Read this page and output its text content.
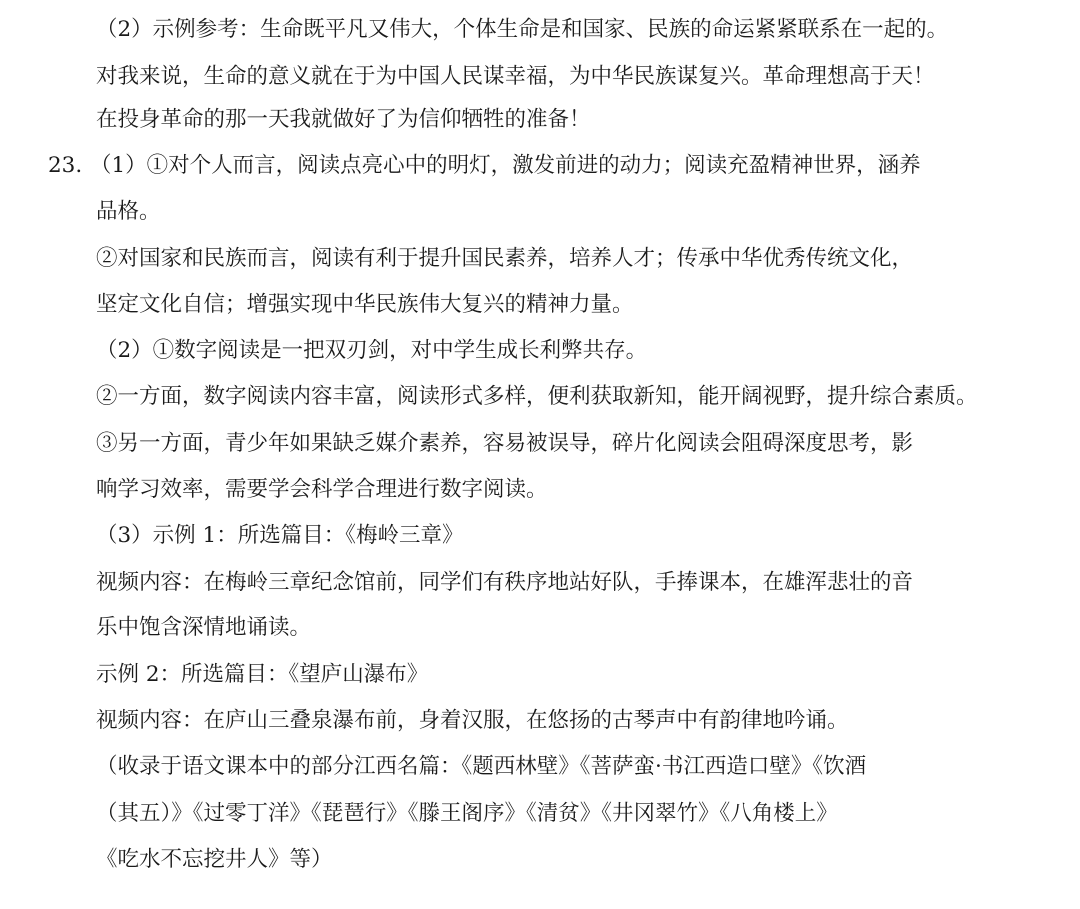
（2）示例参考：生命既平凡又伟大，个体生命是和国家、民族的命运紧紧联系在一起的。
对我来说，生命的意义就在于为中国人民谋幸福，为中华民族谋复兴。革命理想高于天！
在投身革命的那一天我就做好了为信仰牺牲的准备！
23. （1）①对个人而言，阅读点亮心中的明灯，激发前进的动力；阅读充盈精神世界，涵养
品格。
②对国家和民族而言，阅读有利于提升国民素养，培养人才；传承中华优秀传统文化，
坚定文化自信；增强实现中华民族伟大复兴的精神力量。
（2）①数字阅读是一把双刃剑，对中学生成长利弊共存。
②一方面，数字阅读内容丰富，阅读形式多样，便利获取新知，能开阔视野，提升综合素质。
③另一方面，青少年如果缺乏媒介素养，容易被误导，碎片化阅读会阻碍深度思考，影
响学习效率，需要学会科学合理进行数字阅读。
（3）示例 1：所选篇目：《梅岭三章》
视频内容：在梅岭三章纪念馆前，同学们有秩序地站好队，手捧课本，在雄浑悲壮的音
乐中饱含深情地诵读。
示例 2：所选篇目：《望庐山瀑布》
视频内容：在庐山三叠泉瀑布前，身着汉服，在悠扬的古琴声中有韵律地吟诵。
（收录于语文课本中的部分江西名篇：《题西林壁》《菩萨蛮·书江西造口壁》《饮酒
（其五）》《过零丁洋》《琵琶行》《滕王阁序》《清贫》《井冈翠竹》《八角楼上》
《吃水不忘挖井人》等）
